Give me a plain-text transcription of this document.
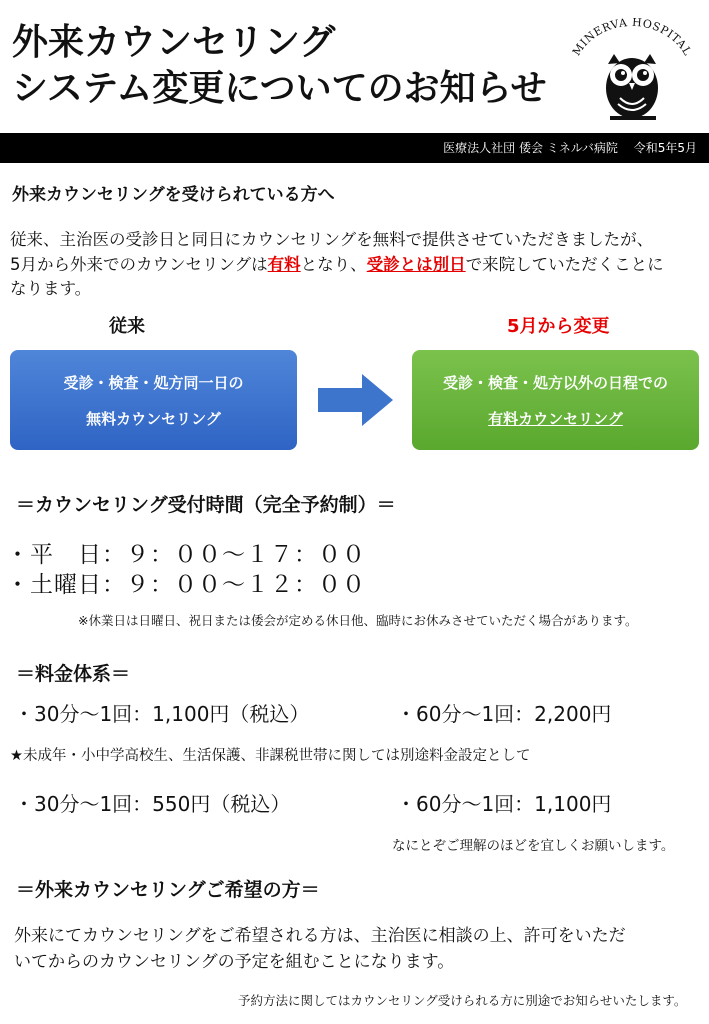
外来カウンセリング
システム変更についてのお知らせ
MINERVA HOSPITAL
医療法人社団 倭会 ミネルバ病院　 令和5年5月
外来カウンセリングを受けられている方へ
従来、主治医の受診日と同日にカウンセリングを無料で提供させていただきましたが、
5月から外来でのカウンセリングは有料となり、受診とは別日で来院していただくことに
なります。
従来	5月から変更
受診・検査・処方同一日の
無料カウンセリング
受診・検査・処方以外の日程での
有料カウンセリング
＝カウンセリング受付時間（完全予約制）＝
・平　日：９：００～１７：００
・土曜日：９：００～１２：００
※休業日は日曜日、祝日または倭会が定める休日他、臨時にお休みさせていただく場合があります。
＝料金体系＝
・30分～1回：1,100円（税込）	・60分～1回：2,200円
★未成年・小中学高校生、生活保護、非課税世帯に関しては別途料金設定として
・30分～1回：550円（税込）	・60分～1回：1,100円
なにとぞご理解のほどを宜しくお願いします。
＝外来カウンセリングご希望の方＝
外来にてカウンセリングをご希望される方は、主治医に相談の上、許可をいただ
いてからのカウンセリングの予定を組むことになります。
予約方法に関してはカウンセリング受けられる方に別途でお知らせいたします。
